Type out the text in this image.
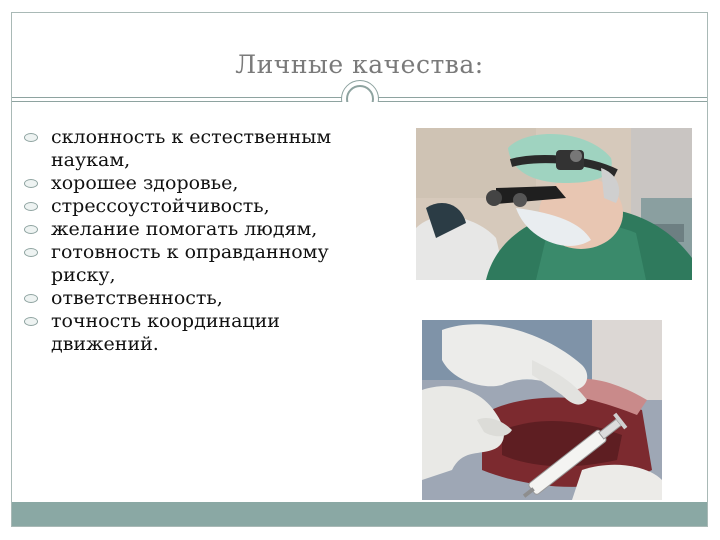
Личные качества:
склонность к естественным наукам,
хорошее здоровье,
стрессоустойчивость,
желание помогать людям,
готовность к оправданному риску,
ответственность,
точность координации движений.
